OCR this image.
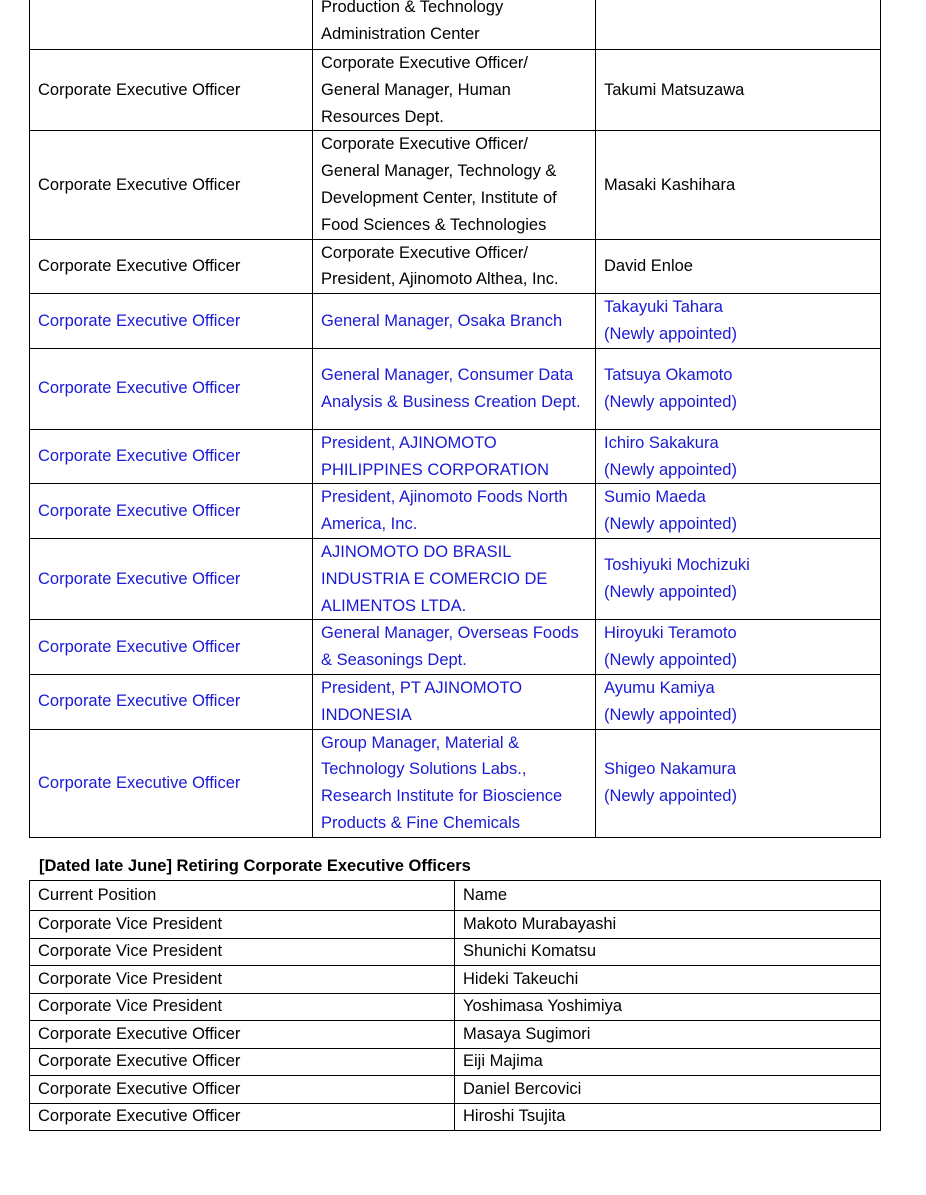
	Production & Technology Administration Center	
Corporate Executive Officer	Corporate Executive Officer/ General Manager, Human Resources Dept.	Takumi Matsuzawa
Corporate Executive Officer	Corporate Executive Officer/ General Manager, Technology & Development Center, Institute of Food Sciences & Technologies	Masaki Kashihara
Corporate Executive Officer	Corporate Executive Officer/ President, Ajinomoto Althea, Inc.	David Enloe
Corporate Executive Officer	General Manager, Osaka Branch	Takayuki Tahara
(Newly appointed)
Corporate Executive Officer	General Manager, Consumer Data Analysis & Business Creation Dept.	Tatsuya Okamoto
(Newly appointed)
Corporate Executive Officer	President, AJINOMOTO PHILIPPINES CORPORATION	Ichiro Sakakura
(Newly appointed)
Corporate Executive Officer	President, Ajinomoto Foods North America, Inc.	Sumio Maeda
(Newly appointed)
Corporate Executive Officer	AJINOMOTO DO BRASIL INDUSTRIA E COMERCIO DE ALIMENTOS LTDA.	Toshiyuki Mochizuki
(Newly appointed)
Corporate Executive Officer	General Manager, Overseas Foods & Seasonings Dept.	Hiroyuki Teramoto
(Newly appointed)
Corporate Executive Officer	President, PT AJINOMOTO INDONESIA	Ayumu Kamiya
(Newly appointed)
Corporate Executive Officer	Group Manager, Material & Technology Solutions Labs., Research Institute for Bioscience Products & Fine Chemicals	Shigeo Nakamura
(Newly appointed)

[Dated late June] Retiring Corporate Executive Officers

Current Position	Name
Corporate Vice President	Makoto Murabayashi
Corporate Vice President	Shunichi Komatsu
Corporate Vice President	Hideki Takeuchi
Corporate Vice President	Yoshimasa Yoshimiya
Corporate Executive Officer	Masaya Sugimori
Corporate Executive Officer	Eiji Majima
Corporate Executive Officer	Daniel Bercovici
Corporate Executive Officer	Hiroshi Tsujita
